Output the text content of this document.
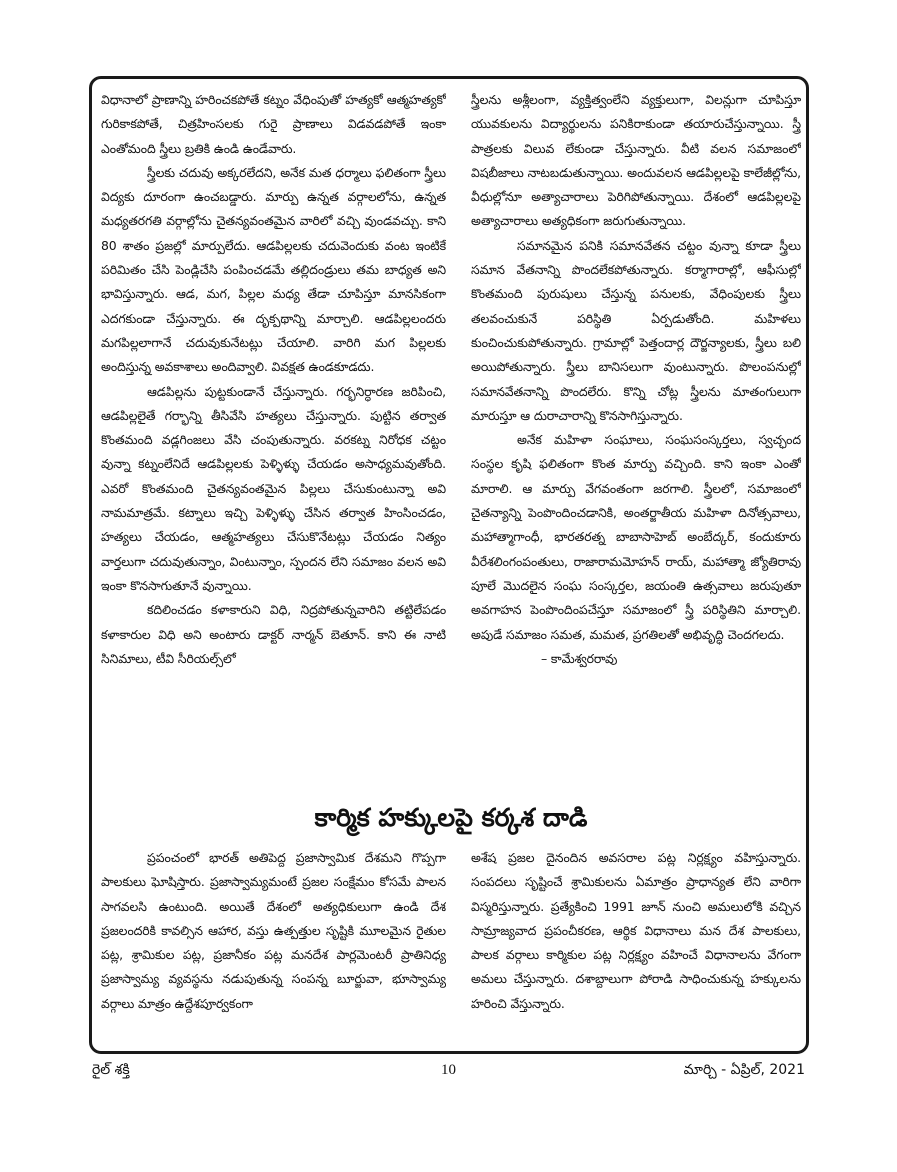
విధానాలో ప్రాణాన్ని హరించకపోతే కట్నం వేధింపుతో హత్యకో ఆత్మహత్యకో గురికాకపోతే, చిత్రహింసలకు గురై ప్రాణాలు విడవడపోతే ఇంకా ఎంతోమంది స్త్రీలు బ్రతికి ఉండి ఉండేవారు.

స్త్రీలకు చదువు అక్కరలేదని, అనేక మత ధర్మాలు ఫలితంగా స్త్రీలు విద్యకు దూరంగా ఉంచబడ్డారు. మార్పు ఉన్నత వర్గాలలోను, ఉన్నత మధ్యతరగతి వర్గాల్లోను చైతన్యవంతమైన వారిలో వచ్చి వుండవచ్చు. కాని 80 శాతం ప్రజల్లో మార్పులేదు. ఆడపిల్లలకు చదువెందుకు వంట ఇంటికే పరిమితం చేసి పెండ్లిచేసి పంపించడమే తల్లిదండ్రులు తమ బాధ్యత అని భావిస్తున్నారు. ఆడ, మగ, పిల్లల మధ్య తేడా చూపిస్తూ మానసికంగా ఎదగకుండా చేస్తున్నారు. ఈ దృక్పథాన్ని మార్చాలి. ఆడపిల్లలందరు మగపిల్లలాగానే చదువుకునేటట్లు చేయాలి. వారిగి మగ పిల్లలకు అందిస్తున్న అవకాశాలు అందివ్వాలి. వివక్షత ఉండకూడదు.

ఆడపిల్లను పుట్టకుండానే చేస్తున్నారు. గర్భనిర్ధారణ జరిపించి, ఆడపిల్లలైతే గర్భాన్ని తీసివేసి హత్యలు చేస్తున్నారు. పుట్టిన తర్వాత కొంతమంది వడ్లగింజలు వేసి చంపుతున్నారు. వరకట్న నిరోధక చట్టం వున్నా కట్నంలేనిదే ఆడపిల్లలకు పెళ్ళిళ్ళు చేయడం అసాధ్యమవుతోంది. ఎవరో కొంతమంది చైతన్యవంతమైన పిల్లలు చేసుకుంటున్నా అవి నామమాత్రమే. కట్నాలు ఇచ్చి పెళ్ళిళ్ళు చేసిన తర్వాత హింసించడం, హత్యలు చేయడం, ఆత్మహత్యలు చేసుకొనేటట్లు చేయడం నిత్యం వార్తలుగా చదువుతున్నాం, వింటున్నాం, స్పందన లేని సమాజం వలన అవి ఇంకా కొనసాగుతూనే వున్నాయి.

కదిలించడం కళాకారుని విధి, నిద్రపోతున్నవారిని తట్టిలేపడం కళాకారుల విధి అని అంటారు డాక్టర్ నార్మన్ బెతూన్. కాని ఈ నాటి సినిమాలు, టీవి సీరియల్స్‌లో

స్త్రీలను అశ్లీలంగా, వ్యక్తిత్వంలేని వ్యక్తులుగా, విలన్లుగా చూపిస్తూ యువకులను విద్యార్థులను పనికిరాకుండా తయారుచేస్తున్నాయి. స్త్రీ పాత్రలకు విలువ లేకుండా చేస్తున్నారు. వీటి వలన సమాజంలో విషబీజాలు నాటబడుతున్నాయి. అందువలన ఆడపిల్లలపై కాలేజీల్లోను, వీధుల్లోనూ అత్యాచారాలు పెరిగిపోతున్నాయి. దేశంలో ఆడపిల్లలపై అత్యాచారాలు అత్యధికంగా జరుగుతున్నాయి.

సమానమైన పనికి సమానవేతన చట్టం వున్నా కూడా స్త్రీలు సమాన వేతనాన్ని పొందలేకపోతున్నారు. కర్మాగారాల్లో, ఆఫీసుల్లో కొంతమంది పురుషులు చేస్తున్న పనులకు, వేధింపులకు స్త్రీలు తలవంచుకునే పరిస్థితి ఏర్పడుతోంది. మహిళలు కుంచించుకుపోతున్నారు. గ్రామాల్లో పెత్తందార్ల దౌర్జన్యాలకు, స్త్రీలు బలి అయిపోతున్నారు. స్త్రీలు బానిసలుగా వుంటున్నారు. పొలంపనుల్లో సమానవేతనాన్ని పొందలేరు. కొన్ని చోట్ల స్త్రీలను మాతంగులుగా మారుస్తూ ఆ దురాచారాన్ని కొనసాగిస్తున్నారు.

అనేక మహిళా సంఘాలు, సంఘసంస్కర్తలు, స్వచ్ఛంద సంస్థల కృషి ఫలితంగా కొంత మార్పు వచ్చింది. కాని ఇంకా ఎంతో మారాలి. ఆ మార్పు వేగవంతంగా జరగాలి. స్త్రీలలో, సమాజంలో చైతన్యాన్ని పెంపొందించడానికి, అంతర్జాతీయ మహిళా దినోత్సవాలు, మహాత్మాగాంధీ, భారతరత్న బాబాసాహెబ్ అంబేద్కర్, కందుకూరు వీరేశలింగంపంతులు, రాజారామమోహన్ రాయ్, మహాత్మా జ్యోతిరావు పూలే మొదలైన సంఘ సంస్కర్తల, జయంతి ఉత్సవాలు జరుపుతూ అవగాహన పెంపొందింపచేస్తూ సమాజంలో స్త్రీ పరిస్థితిని మార్చాలి. అపుడే సమాజం సమత, మమత, ప్రగతిలతో అభివృద్ధి చెందగలదు.

– కామేశ్వరరావు

కార్మిక హక్కులపై కర్కశ దాడి

ప్రపంచంలో భారత్ అతిపెద్ద ప్రజాస్వామిక దేశమని గొప్పగా పాలకులు ఘోషిస్తారు. ప్రజాస్వామ్యమంటే ప్రజల సంక్షేమం కోసమే పాలన సాగవలసి ఉంటుంది. అయితే దేశంలో అత్యధికులుగా ఉండి దేశ ప్రజలందరికి కావల్సిన ఆహార, వస్తు ఉత్పత్తుల సృష్టికి మూలమైన రైతుల పట్ల, శ్రామికుల పట్ల, ప్రజానీకం పట్ల మనదేశ పార్లమెంటరీ ప్రాతినిధ్య ప్రజాస్వామ్య వ్యవస్థను నడుపుతున్న సంపన్న బూర్జువా, భూస్వామ్య వర్గాలు మాత్రం ఉద్దేశపూర్వకంగా

అశేష ప్రజల దైనందిన అవసరాల పట్ల నిర్లక్ష్యం వహిస్తున్నారు. సంపదలు సృష్టించే శ్రామికులను ఏమాత్రం ప్రాధాన్యత లేని వారిగా విస్మరిస్తున్నారు. ప్రత్యేకించి 1991 జూన్ నుంచి అమలులోకి వచ్చిన సామ్రాజ్యవాద ప్రపంచీకరణ, ఆర్థిక విధానాలు మన దేశ పాలకులు, పాలక వర్గాలు కార్మికుల పట్ల నిర్లక్ష్యం వహించే విధానాలను వేగంగా అమలు చేస్తున్నారు. దశాబ్దాలుగా పోరాడి సాధించుకున్న హక్కులను హరించి వేస్తున్నారు.

రైల్ శక్తి	10	మార్చి - ఏప్రిల్, 2021
